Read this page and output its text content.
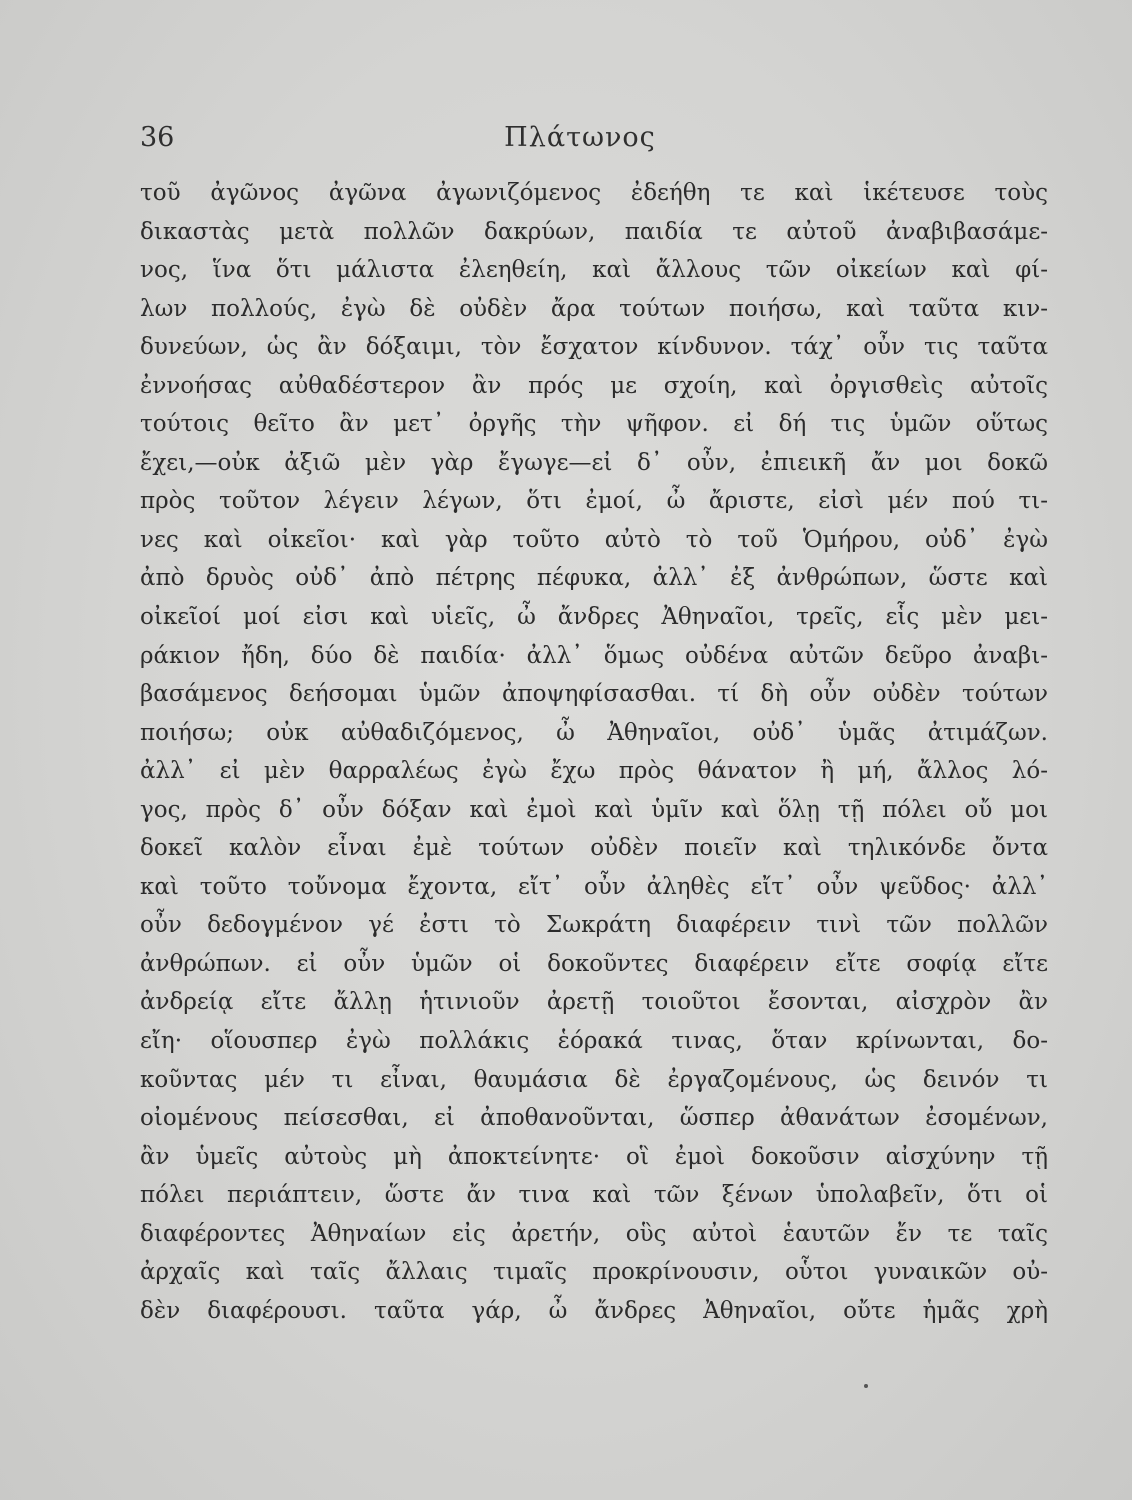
36	Πλάτωνος
τοῦ ἀγῶνος ἀγῶνα ἀγωνιζόμενος ἐδεήθη τε καὶ ἱκέτευσε τοὺς
δικαστὰς μετὰ πολλῶν δακρύων, παιδία τε αὐτοῦ ἀναβιβασάμε-
νος, ἵνα ὅτι μάλιστα ἐλεηθείη, καὶ ἄλλους τῶν οἰκείων καὶ φί-
λων πολλούς, ἐγὼ δὲ οὐδὲν ἄρα τούτων ποιήσω, καὶ ταῦτα κιν-
δυνεύων, ὡς ἂν δόξαιμι, τὸν ἔσχατον κίνδυνον. τάχ᾽ οὖν τις ταῦτα
ἐννοήσας αὐθαδέστερον ἂν πρός με σχοίη, καὶ ὀργισθεὶς αὐτοῖς
τούτοις θεῖτο ἂν μετ᾽ ὀργῆς τὴν ψῆφον. εἰ δή τις ὑμῶν οὕτως
ἔχει,—οὐκ ἀξιῶ μὲν γὰρ ἔγωγε—εἰ δ᾽ οὖν, ἐπιεικῆ ἄν μοι δοκῶ
πρὸς τοῦτον λέγειν λέγων, ὅτι ἐμοί, ὦ ἄριστε, εἰσὶ μέν πού τι-
νες καὶ οἰκεῖοι· καὶ γὰρ τοῦτο αὐτὸ τὸ τοῦ Ὁμήρου, οὐδ᾽ ἐγὼ
ἀπὸ δρυὸς οὐδ᾽ ἀπὸ πέτρης πέφυκα, ἀλλ᾽ ἐξ ἀνθρώπων, ὥστε καὶ
οἰκεῖοί μοί εἰσι καὶ υἱεῖς, ὦ ἄνδρες Ἀθηναῖοι, τρεῖς, εἷς μὲν μει-
ράκιον ἤδη, δύο δὲ παιδία· ἀλλ᾽ ὅμως οὐδένα αὐτῶν δεῦρο ἀναβι-
βασάμενος δεήσομαι ὑμῶν ἀποψηφίσασθαι. τί δὴ οὖν οὐδὲν τούτων
ποιήσω; οὐκ αὐθαδιζόμενος, ὦ Ἀθηναῖοι, οὐδ᾽ ὑμᾶς ἀτιμάζων.
ἀλλ᾽ εἰ μὲν θαρραλέως ἐγὼ ἔχω πρὸς θάνατον ἢ μή, ἄλλος λό-
γος, πρὸς δ᾽ οὖν δόξαν καὶ ἐμοὶ καὶ ὑμῖν καὶ ὅλῃ τῇ πόλει οὔ μοι
δοκεῖ καλὸν εἶναι ἐμὲ τούτων οὐδὲν ποιεῖν καὶ τηλικόνδε ὄντα
καὶ τοῦτο τοὔνομα ἔχοντα, εἴτ᾽ οὖν ἀληθὲς εἴτ᾽ οὖν ψεῦδος· ἀλλ᾽
οὖν δεδογμένον γέ ἐστι τὸ Σωκράτη διαφέρειν τινὶ τῶν πολλῶν
ἀνθρώπων. εἰ οὖν ὑμῶν οἱ δοκοῦντες διαφέρειν εἴτε σοφίᾳ εἴτε
ἀνδρείᾳ εἴτε ἄλλῃ ἡτινιοῦν ἀρετῇ τοιοῦτοι ἔσονται, αἰσχρὸν ἂν
εἴη· οἵουσπερ ἐγὼ πολλάκις ἑόρακά τινας, ὅταν κρίνωνται, δο-
κοῦντας μέν τι εἶναι, θαυμάσια δὲ ἐργαζομένους, ὡς δεινόν τι
οἰομένους πείσεσθαι, εἰ ἀποθανοῦνται, ὥσπερ ἀθανάτων ἐσομένων,
ἂν ὑμεῖς αὐτοὺς μὴ ἀποκτείνητε· οἳ ἐμοὶ δοκοῦσιν αἰσχύνην τῇ
πόλει περιάπτειν, ὥστε ἄν τινα καὶ τῶν ξένων ὑπολαβεῖν, ὅτι οἱ
διαφέροντες Ἀθηναίων εἰς ἀρετήν, οὓς αὐτοὶ ἑαυτῶν ἔν τε ταῖς
ἀρχαῖς καὶ ταῖς ἄλλαις τιμαῖς προκρίνουσιν, οὗτοι γυναικῶν οὐ-
δὲν διαφέρουσι. ταῦτα γάρ, ὦ ἄνδρες Ἀθηναῖοι, οὔτε ἡμᾶς χρὴ
